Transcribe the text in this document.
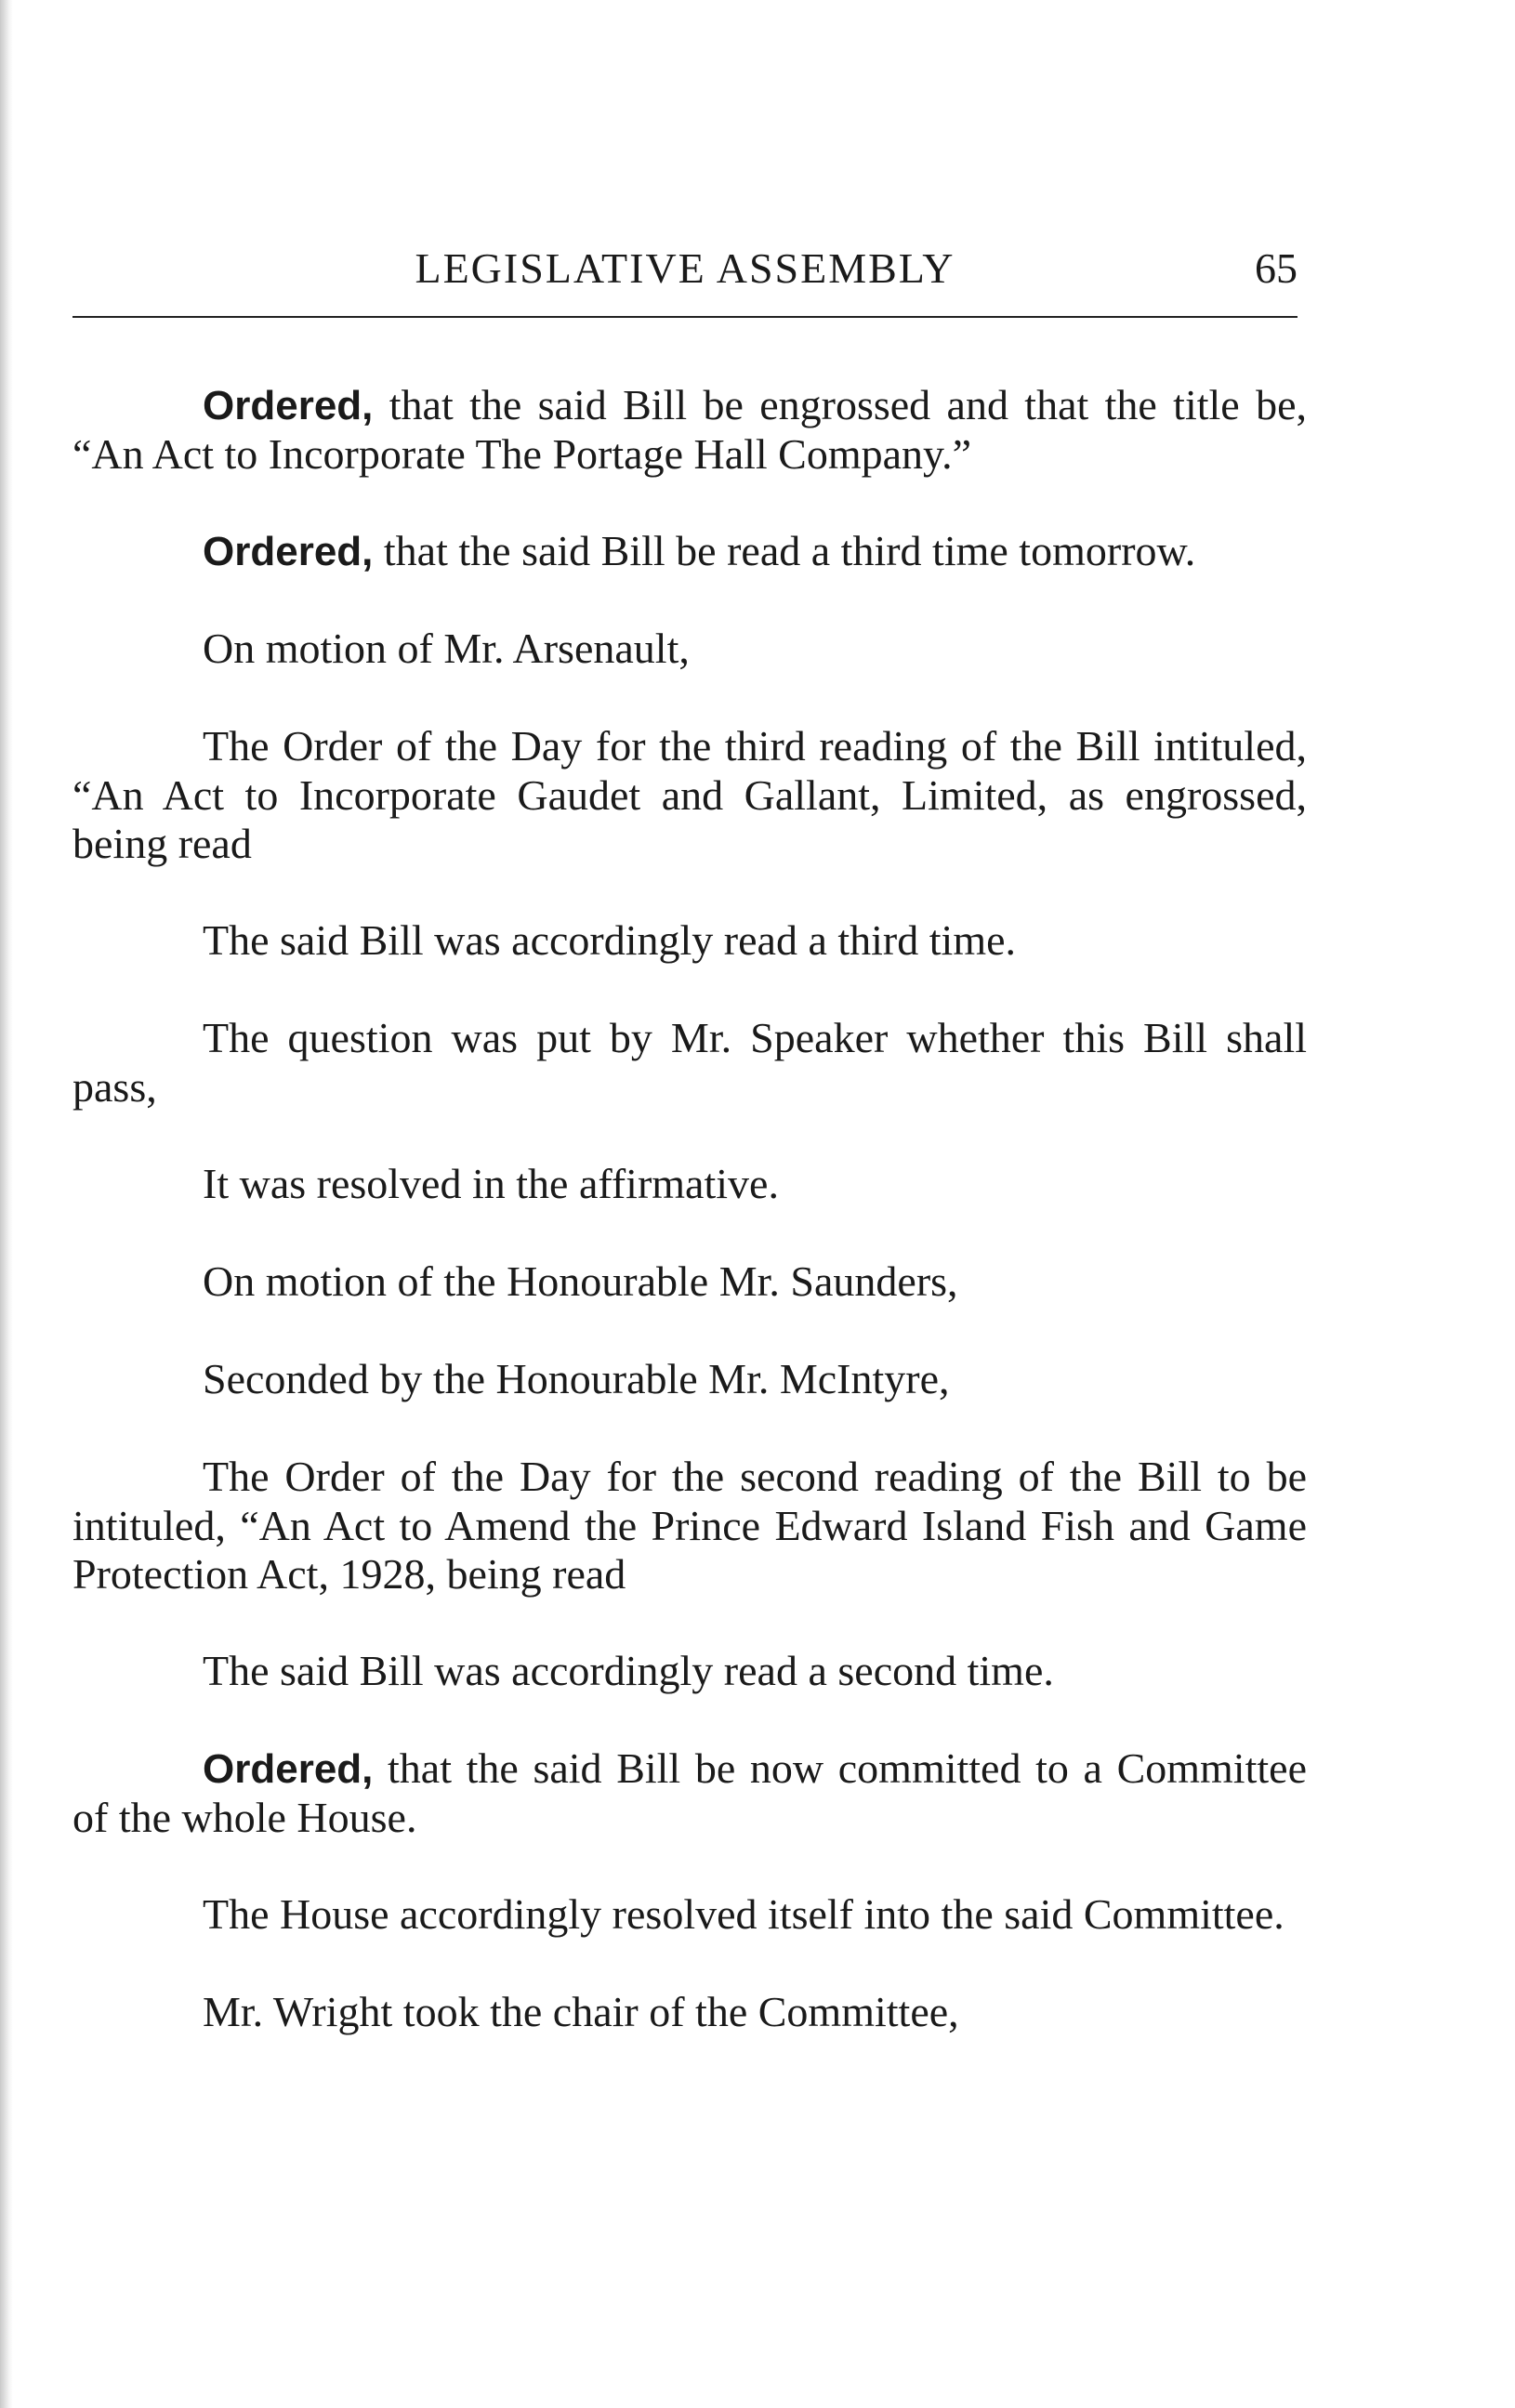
LEGISLATIVE ASSEMBLY	65

Ordered, that the said Bill be engrossed and that the title be, “An Act to Incorporate The Portage Hall Company.”

Ordered, that the said Bill be read a third time tomorrow.

On motion of Mr. Arsenault,

The Order of the Day for the third reading of the Bill intituled, “An Act to Incorporate Gaudet and Gallant, Limited, as engrossed, being read

The said Bill was accordingly read a third time.

The question was put by Mr. Speaker whether this Bill shall pass,

It was resolved in the affirmative.

On motion of the Honourable Mr. Saunders,

Seconded by the Honourable Mr. McIntyre,

The Order of the Day for the second reading of the Bill to be intituled, “An Act to Amend the Prince Edward Island Fish and Game Protection Act, 1928, being read

The said Bill was accordingly read a second time.

Ordered, that the said Bill be now committed to a Committee of the whole House.

The House accordingly resolved itself into the said Committee.

Mr. Wright took the chair of the Committee,
